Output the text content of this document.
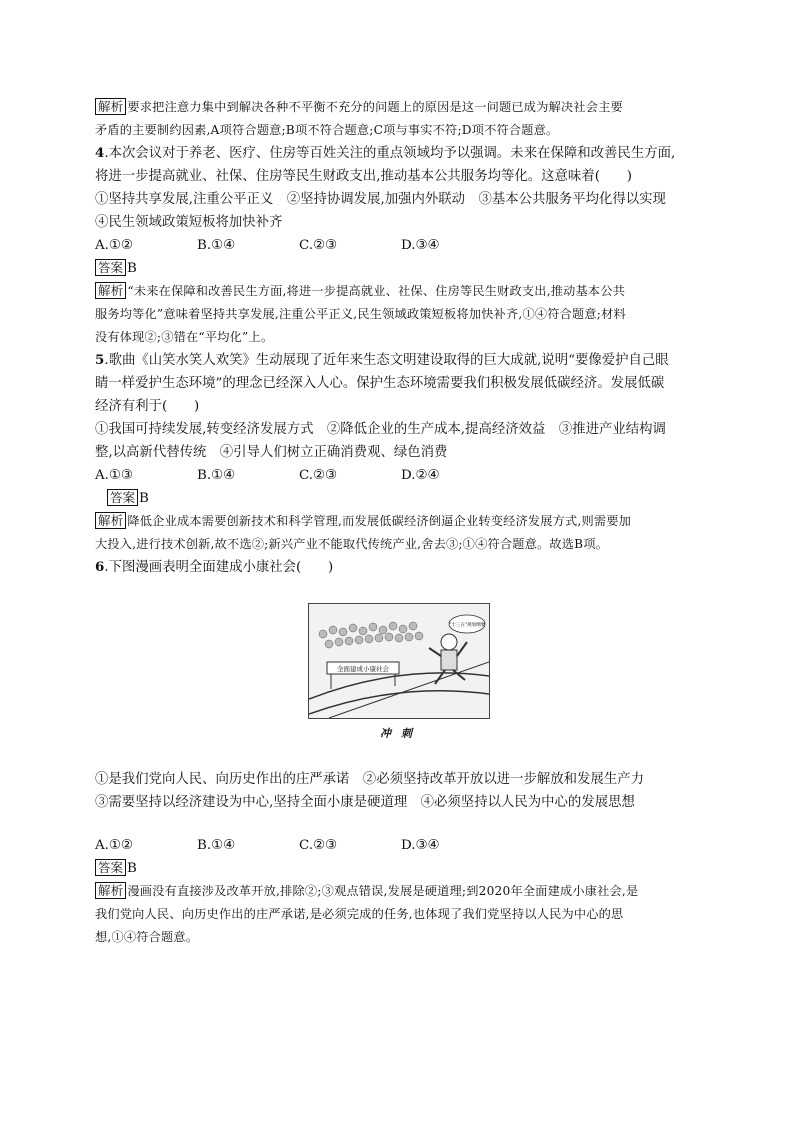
解析 要求把注意力集中到解决各种不平衡不充分的问题上的原因是这一问题已成为解决社会主要
矛盾的主要制约因素,A项符合题意;B项不符合题意;C项与事实不符;D项不符合题意。
4.本次会议对于养老、医疗、住房等百姓关注的重点领域均予以强调。未来在保障和改善民生方面,
将进一步提高就业、社保、住房等民生财政支出,推动基本公共服务均等化。这意味着(　　)
①坚持共享发展,注重公平正义　②坚持协调发展,加强内外联动　③基本公共服务平均化得以实现
④民生领域政策短板将加快补齐
A.①②	B.①④	C.②③	D.③④
答案 B
解析 “未来在保障和改善民生方面,将进一步提高就业、社保、住房等民生财政支出,推动基本公共
服务均等化”意味着坚持共享发展,注重公平正义,民生领域政策短板将加快补齐,①④符合题意;材料
没有体现②;③错在“平均化”上。
5.歌曲《山笑水笑人欢笑》生动展现了近年来生态文明建设取得的巨大成就,说明“要像爱护自己眼
睛一样爱护生态环境”的理念已经深入人心。保护生态环境需要我们积极发展低碳经济。发展低碳
经济有利于(　　)
①我国可持续发展,转变经济发展方式　②降低企业的生产成本,提高经济效益　③推进产业结构调
整,以高新代替传统　④引导人们树立正确消费观、绿色消费
A.①③	B.①④	C.②③	D.②④
答案 B
解析 降低企业成本需要创新技术和科学管理,而发展低碳经济倒逼企业转变经济发展方式,则需要加
大投入,进行技术创新,故不选②;新兴产业不能取代传统产业,舍去③;①④符合题意。故选B项。
6.下图漫画表明全面建成小康社会(　　)
全面建成小康社会
“十三五”规划纲要
冲刺
①是我们党向人民、向历史作出的庄严承诺　②必须坚持改革开放以进一步解放和发展生产力
③需要坚持以经济建设为中心,坚持全面小康是硬道理　④必须坚持以人民为中心的发展思想
A.①②	B.①④	C.②③	D.③④
答案 B
解析 漫画没有直接涉及改革开放,排除②;③观点错误,发展是硬道理;到2020年全面建成小康社会,是
我们党向人民、向历史作出的庄严承诺,是必须完成的任务,也体现了我们党坚持以人民为中心的思
想,①④符合题意。
